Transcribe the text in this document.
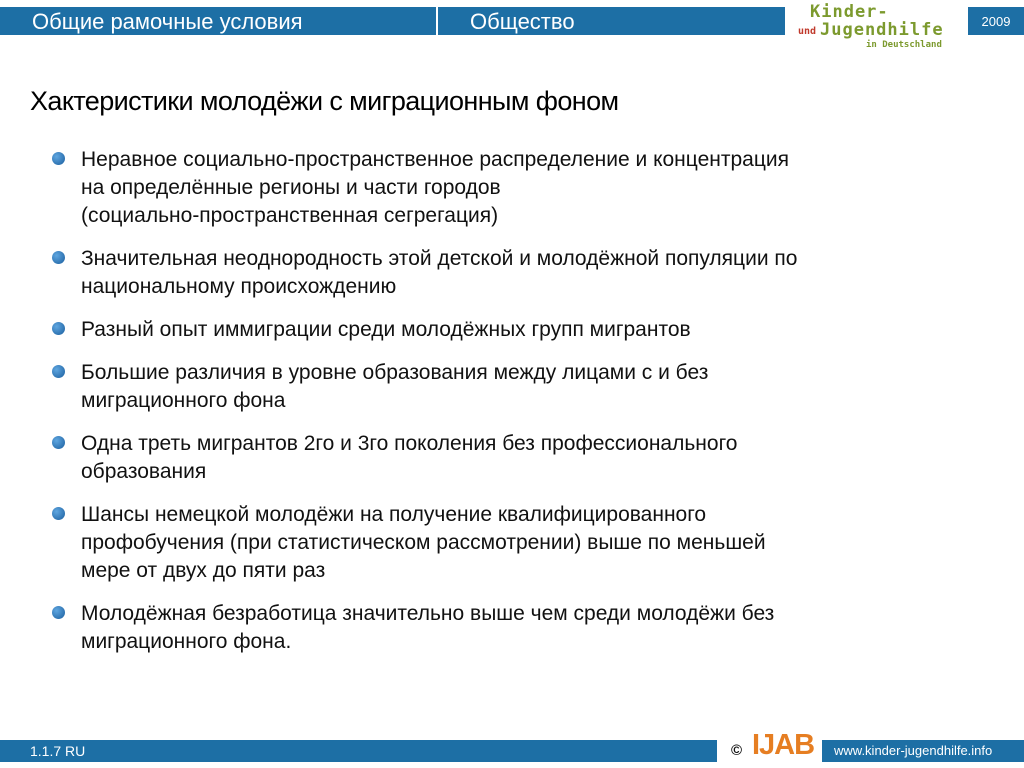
Общие рамочные условия	Общество	Kinder-
und Jugendhilfe
in Deutschland
2009
Хактеристики молодёжи с миграционным фоном
Неравное социально-пространственное распределение и концентрация
на определённые регионы и части городов
(социально-пространственная сегрегация)
Значительная неоднородность этой детской и молодёжной популяции по
национальному происхождению
Разный опыт иммиграции среди молодёжных групп мигрантов
Большие различия в уровне образования между лицами с и без
миграционного фона
Одна треть мигрантов 2го и 3го поколения без профессионального
образования
Шансы немецкой молодёжи на получение квалифицированного
профобучения (при статистическом рассмотрении) выше по меньшей
мере от двух до пяти раз
Молодёжная безработица значительно выше чем среди молодёжи без
миграционного фона.
1.1.7 RU	© IJAB www.kinder-jugendhilfe.info
